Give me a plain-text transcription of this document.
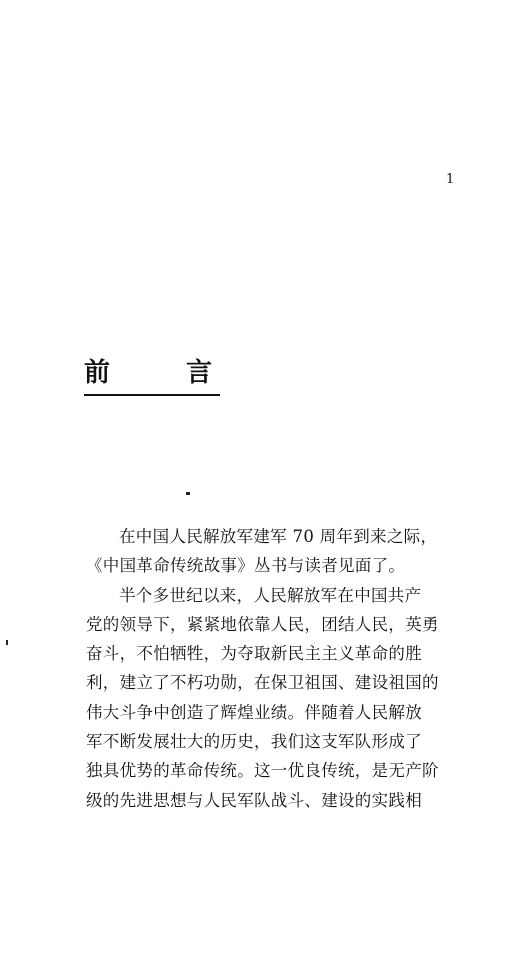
1
前	言
在中国人民解放军建军 70 周年到来之际，
《中国革命传统故事》丛书与读者见面了。
半个多世纪以来，人民解放军在中国共产
党的领导下，紧紧地依靠人民，团结人民，英勇
奋斗，不怕牺牲，为夺取新民主主义革命的胜
利，建立了不朽功勋，在保卫祖国、建设祖国的
伟大斗争中创造了辉煌业绩。伴随着人民解放
军不断发展壮大的历史，我们这支军队形成了
独具优势的革命传统。这一优良传统，是无产阶
级的先进思想与人民军队战斗、建设的实践相
